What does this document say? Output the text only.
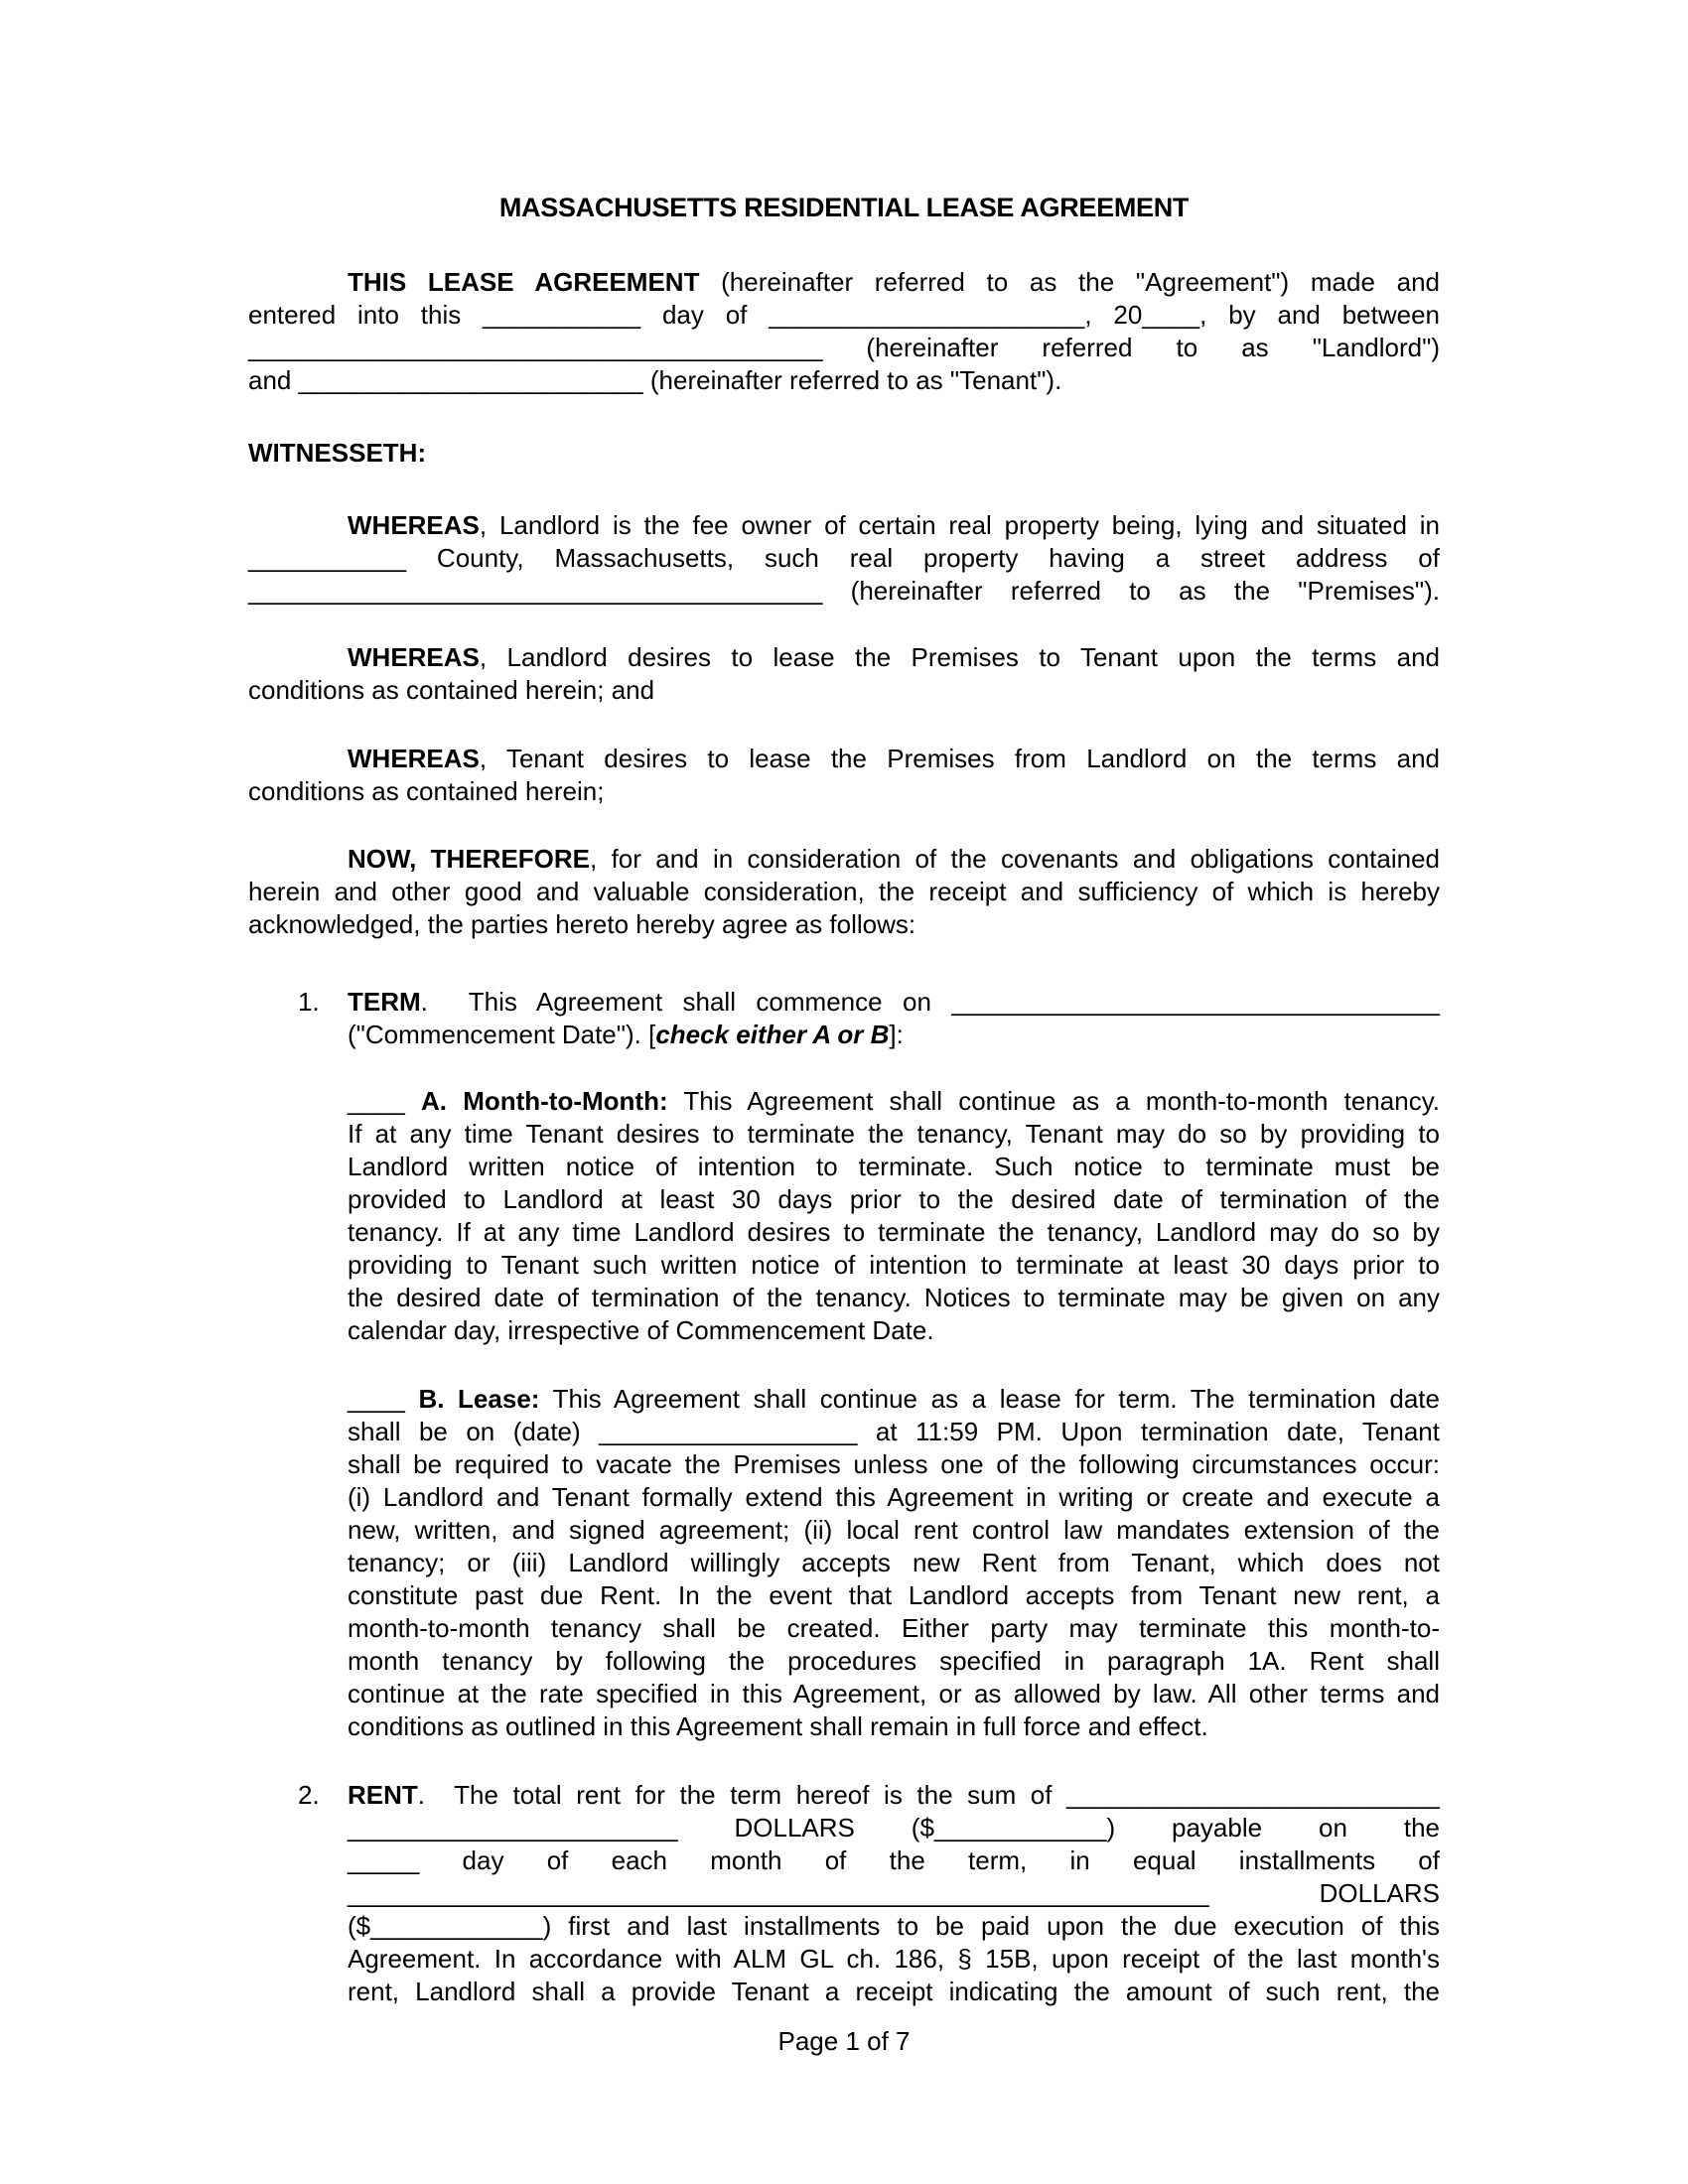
MASSACHUSETTS RESIDENTIAL LEASE AGREEMENT
THIS LEASE AGREEMENT (hereinafter referred to as the "Agreement") made and
entered into this ___________ day of ______________________, 20____, by and between
________________________________________ (hereinafter referred to as "Landlord")
and ________________________ (hereinafter referred to as "Tenant").
WITNESSETH:
WHEREAS, Landlord is the fee owner of certain real property being, lying and situated in
___________ County, Massachusetts, such real property having a street address of
________________________________________ (hereinafter referred to as the "Premises").
WHEREAS, Landlord desires to lease the Premises to Tenant upon the terms and
conditions as contained herein; and
WHEREAS, Tenant desires to lease the Premises from Landlord on the terms and
conditions as contained herein;
NOW, THEREFORE, for and in consideration of the covenants and obligations contained
herein and other good and valuable consideration, the receipt and sufficiency of which is hereby
acknowledged, the parties hereto hereby agree as follows:
1. TERM.  This Agreement shall commence on __________________________________
("Commencement Date"). [check either A or B]:
____ A. Month-to-Month: This Agreement shall continue as a month-to-month tenancy.
If at any time Tenant desires to terminate the tenancy, Tenant may do so by providing to
Landlord written notice of intention to terminate. Such notice to terminate must be
provided to Landlord at least 30 days prior to the desired date of termination of the
tenancy. If at any time Landlord desires to terminate the tenancy, Landlord may do so by
providing to Tenant such written notice of intention to terminate at least 30 days prior to
the desired date of termination of the tenancy. Notices to terminate may be given on any
calendar day, irrespective of Commencement Date.
____ B. Lease: This Agreement shall continue as a lease for term. The termination date
shall be on (date) __________________ at 11:59 PM. Upon termination date, Tenant
shall be required to vacate the Premises unless one of the following circumstances occur:
(i) Landlord and Tenant formally extend this Agreement in writing or create and execute a
new, written, and signed agreement; (ii) local rent control law mandates extension of the
tenancy; or (iii) Landlord willingly accepts new Rent from Tenant, which does not
constitute past due Rent. In the event that Landlord accepts from Tenant new rent, a
month-to-month tenancy shall be created. Either party may terminate this month-to-
month tenancy by following the procedures specified in paragraph 1A. Rent shall
continue at the rate specified in this Agreement, or as allowed by law. All other terms and
conditions as outlined in this Agreement shall remain in full force and effect.
2. RENT.  The total rent for the term hereof is the sum of __________________________
_______________________ DOLLARS ($____________) payable on the
_____ day of each month of the term, in equal installments of
____________________________________________________________ DOLLARS
($____________) first and last installments to be paid upon the due execution of this
Agreement. In accordance with ALM GL ch. 186, § 15B, upon receipt of the last month's
rent, Landlord shall a provide Tenant a receipt indicating the amount of such rent, the
Page 1 of 7
